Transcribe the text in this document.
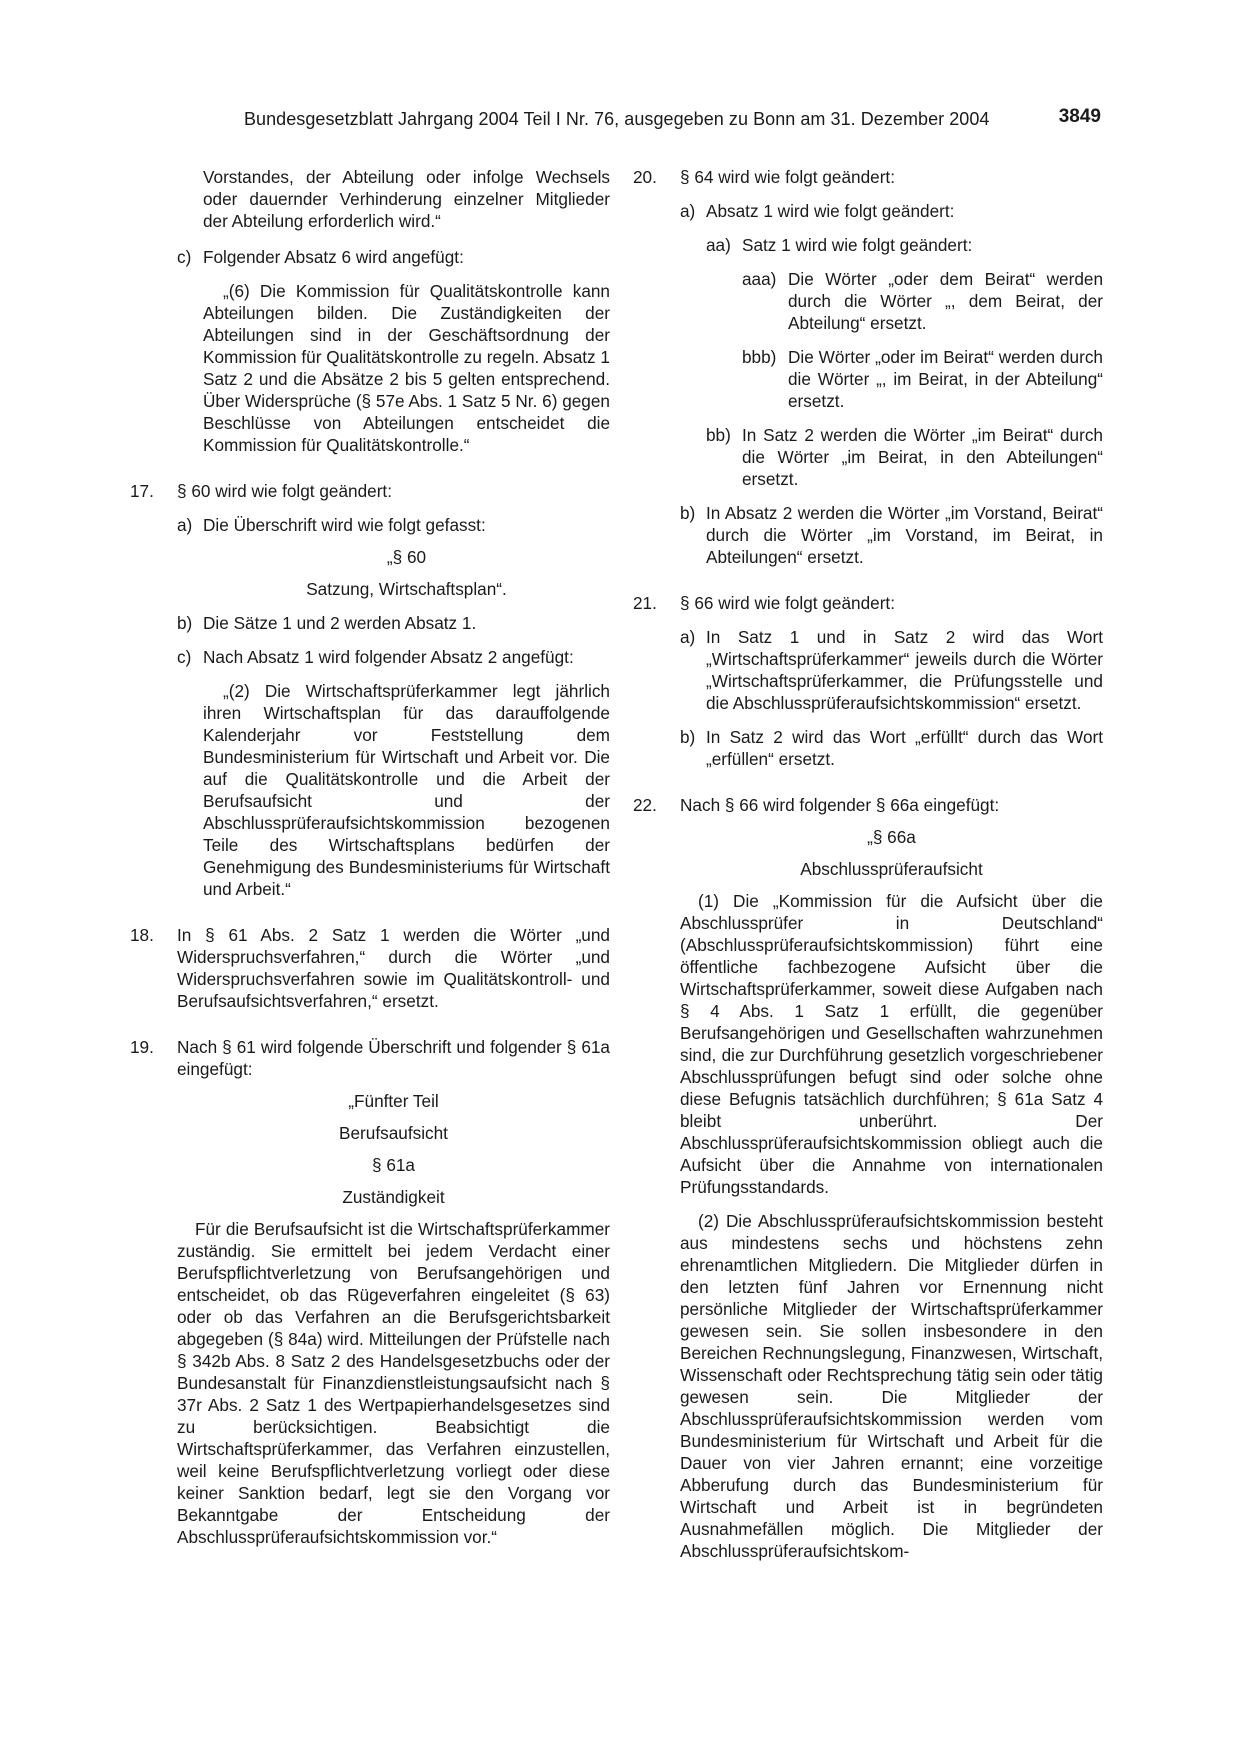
Bundesgesetzblatt Jahrgang 2004 Teil I Nr. 76, ausgegeben zu Bonn am 31. Dezember 2004	3849

Vorstandes, der Abteilung oder infolge Wechsels oder dauernder Verhinderung einzelner Mitglieder der Abteilung erforderlich wird.“

c) Folgender Absatz 6 wird angefügt:

„(6) Die Kommission für Qualitätskontrolle kann Abteilungen bilden. Die Zuständigkeiten der Abteilungen sind in der Geschäftsordnung der Kommission für Qualitätskontrolle zu regeln. Absatz 1 Satz 2 und die Absätze 2 bis 5 gelten entsprechend. Über Widersprüche (§ 57e Abs. 1 Satz 5 Nr. 6) gegen Beschlüsse von Abteilungen entscheidet die Kommission für Qualitätskontrolle.“

17. § 60 wird wie folgt geändert:

a) Die Überschrift wird wie folgt gefasst:

„§ 60

Satzung, Wirtschaftsplan“.

b) Die Sätze 1 und 2 werden Absatz 1.

c) Nach Absatz 1 wird folgender Absatz 2 angefügt:

„(2) Die Wirtschaftsprüferkammer legt jährlich ihren Wirtschaftsplan für das darauffolgende Kalenderjahr vor Feststellung dem Bundesministerium für Wirtschaft und Arbeit vor. Die auf die Qualitätskontrolle und die Arbeit der Berufsaufsicht und der Abschlussprüferaufsichtskommission bezogenen Teile des Wirtschaftsplans bedürfen der Genehmigung des Bundesministeriums für Wirtschaft und Arbeit.“

18. In § 61 Abs. 2 Satz 1 werden die Wörter „und Widerspruchsverfahren,“ durch die Wörter „und Widerspruchsverfahren sowie im Qualitätskontroll- und Berufsaufsichtsverfahren,“ ersetzt.

19. Nach § 61 wird folgende Überschrift und folgender § 61a eingefügt:

„Fünfter Teil

Berufsaufsicht

§ 61a

Zuständigkeit

Für die Berufsaufsicht ist die Wirtschaftsprüferkammer zuständig. Sie ermittelt bei jedem Verdacht einer Berufspflichtverletzung von Berufsangehörigen und entscheidet, ob das Rügeverfahren eingeleitet (§ 63) oder ob das Verfahren an die Berufsgerichtsbarkeit abgegeben (§ 84a) wird. Mitteilungen der Prüfstelle nach § 342b Abs. 8 Satz 2 des Handelsgesetzbuchs oder der Bundesanstalt für Finanzdienstleistungsaufsicht nach § 37r Abs. 2 Satz 1 des Wertpapierhandelsgesetzes sind zu berücksichtigen. Beabsichtigt die Wirtschaftsprüferkammer, das Verfahren einzustellen, weil keine Berufspflichtverletzung vorliegt oder diese keiner Sanktion bedarf, legt sie den Vorgang vor Bekanntgabe der Entscheidung der Abschlussprüferaufsichtskommission vor.“

20. § 64 wird wie folgt geändert:

a) Absatz 1 wird wie folgt geändert:

aa) Satz 1 wird wie folgt geändert:

aaa) Die Wörter „oder dem Beirat“ werden durch die Wörter „, dem Beirat, der Abteilung“ ersetzt.

bbb) Die Wörter „oder im Beirat“ werden durch die Wörter „, im Beirat, in der Abteilung“ ersetzt.

bb) In Satz 2 werden die Wörter „im Beirat“ durch die Wörter „im Beirat, in den Abteilungen“ ersetzt.

b) In Absatz 2 werden die Wörter „im Vorstand, Beirat“ durch die Wörter „im Vorstand, im Beirat, in Abteilungen“ ersetzt.

21. § 66 wird wie folgt geändert:

a) In Satz 1 und in Satz 2 wird das Wort „Wirtschaftsprüferkammer“ jeweils durch die Wörter „Wirtschaftsprüferkammer, die Prüfungsstelle und die Abschlussprüferaufsichtskommission“ ersetzt.

b) In Satz 2 wird das Wort „erfüllt“ durch das Wort „erfüllen“ ersetzt.

22. Nach § 66 wird folgender § 66a eingefügt:

„§ 66a

Abschlussprüferaufsicht

(1) Die „Kommission für die Aufsicht über die Abschlussprüfer in Deutschland“ (Abschlussprüferaufsichtskommission) führt eine öffentliche fachbezogene Aufsicht über die Wirtschaftsprüferkammer, soweit diese Aufgaben nach § 4 Abs. 1 Satz 1 erfüllt, die gegenüber Berufsangehörigen und Gesellschaften wahrzunehmen sind, die zur Durchführung gesetzlich vorgeschriebener Abschlussprüfungen befugt sind oder solche ohne diese Befugnis tatsächlich durchführen; § 61a Satz 4 bleibt unberührt. Der Abschlussprüferaufsichtskommission obliegt auch die Aufsicht über die Annahme von internationalen Prüfungsstandards.

(2) Die Abschlussprüferaufsichtskommission besteht aus mindestens sechs und höchstens zehn ehrenamtlichen Mitgliedern. Die Mitglieder dürfen in den letzten fünf Jahren vor Ernennung nicht persönliche Mitglieder der Wirtschaftsprüferkammer gewesen sein. Sie sollen insbesondere in den Bereichen Rechnungslegung, Finanzwesen, Wirtschaft, Wissenschaft oder Rechtsprechung tätig sein oder tätig gewesen sein. Die Mitglieder der Abschlussprüferaufsichtskommission werden vom Bundesministerium für Wirtschaft und Arbeit für die Dauer von vier Jahren ernannt; eine vorzeitige Abberufung durch das Bundesministerium für Wirtschaft und Arbeit ist in begründeten Ausnahmefällen möglich. Die Mitglieder der Abschlussprüferaufsichtskom-
